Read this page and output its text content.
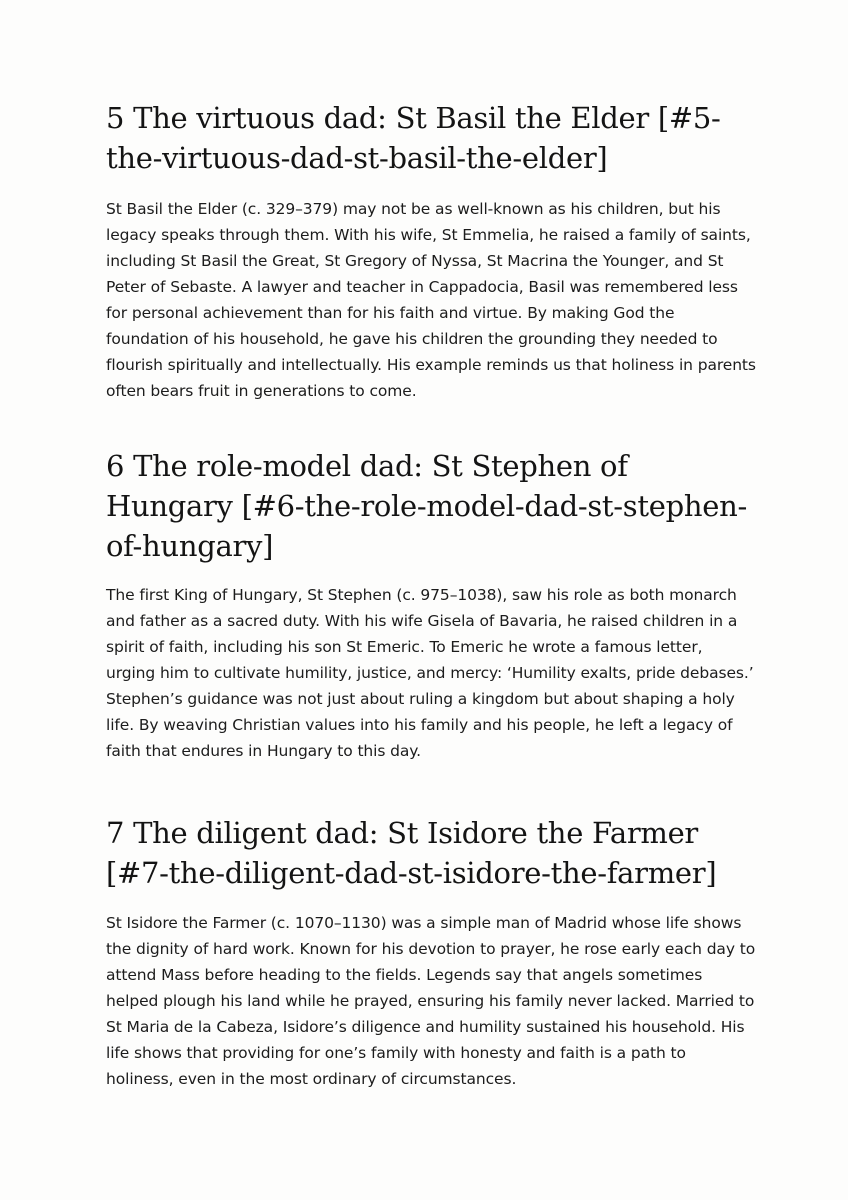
5 The virtuous dad: St Basil the Elder [#5-the-virtuous-dad-st-basil-the-elder]

St Basil the Elder (c. 329–379) may not be as well-known as his children, but his legacy speaks through them. With his wife, St Emmelia, he raised a family of saints, including St Basil the Great, St Gregory of Nyssa, St Macrina the Younger, and St Peter of Sebaste. A lawyer and teacher in Cappadocia, Basil was remembered less for personal achievement than for his faith and virtue. By making God the foundation of his household, he gave his children the grounding they needed to flourish spiritually and intellectually. His example reminds us that holiness in parents often bears fruit in generations to come.

6 The role-model dad: St Stephen of Hungary [#6-the-role-model-dad-st-stephen-of-hungary]

The first King of Hungary, St Stephen (c. 975–1038), saw his role as both monarch and father as a sacred duty. With his wife Gisela of Bavaria, he raised children in a spirit of faith, including his son St Emeric. To Emeric he wrote a famous letter, urging him to cultivate humility, justice, and mercy: ‘Humility exalts, pride debases.’ Stephen’s guidance was not just about ruling a kingdom but about shaping a holy life. By weaving Christian values into his family and his people, he left a legacy of faith that endures in Hungary to this day.

7 The diligent dad: St Isidore the Farmer [#7-the-diligent-dad-st-isidore-the-farmer]

St Isidore the Farmer (c. 1070–1130) was a simple man of Madrid whose life shows the dignity of hard work. Known for his devotion to prayer, he rose early each day to attend Mass before heading to the fields. Legends say that angels sometimes helped plough his land while he prayed, ensuring his family never lacked. Married to St Maria de la Cabeza, Isidore’s diligence and humility sustained his household. His life shows that providing for one’s family with honesty and faith is a path to holiness, even in the most ordinary of circumstances.
